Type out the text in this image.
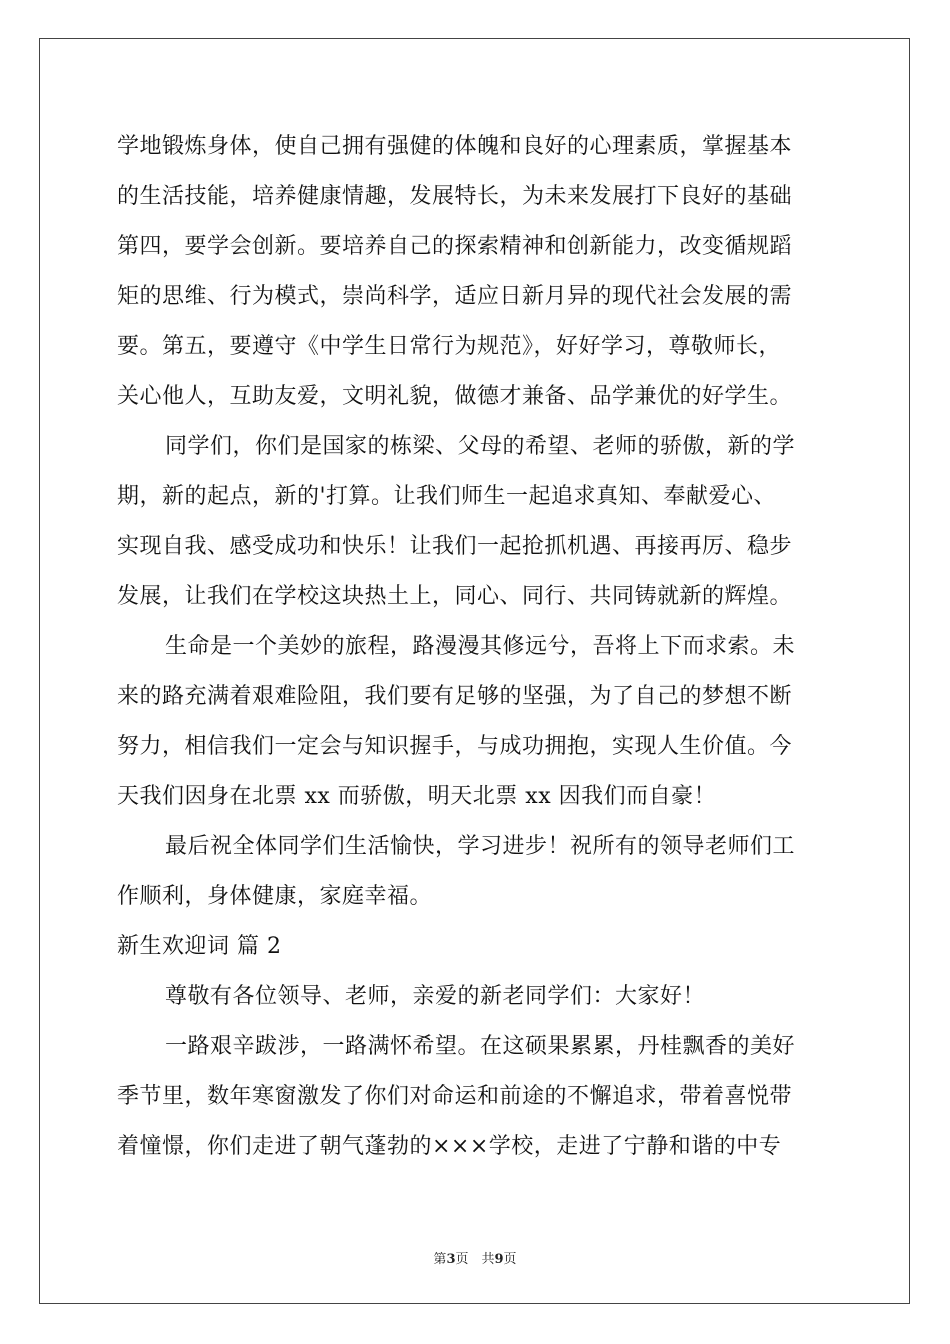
学地锻炼身体，使自己拥有强健的体魄和良好的心理素质，掌握基本
的生活技能，培养健康情趣，发展特长，为未来发展打下良好的基础
第四，要学会创新。要培养自己的探索精神和创新能力，改变循规蹈
矩的思维、行为模式，崇尚科学，适应日新月异的现代社会发展的需
要。第五，要遵守《中学生日常行为规范》，好好学习，尊敬师长，
关心他人，互助友爱，文明礼貌，做德才兼备、品学兼优的好学生。
同学们，你们是国家的栋梁、父母的希望、老师的骄傲，新的学
期，新的起点，新的'打算。让我们师生一起追求真知、奉献爱心、
实现自我、感受成功和快乐！让我们一起抢抓机遇、再接再厉、稳步
发展，让我们在学校这块热土上，同心、同行、共同铸就新的辉煌。
生命是一个美妙的旅程，路漫漫其修远兮，吾将上下而求索。未
来的路充满着艰难险阻，我们要有足够的坚强，为了自己的梦想不断
努力，相信我们一定会与知识握手，与成功拥抱，实现人生价值。今
天我们因身在北票 xx 而骄傲，明天北票 xx 因我们而自豪！
最后祝全体同学们生活愉快，学习进步！祝所有的领导老师们工
作顺利，身体健康，家庭幸福。
新生欢迎词 篇 2
尊敬有各位领导、老师，亲爱的新老同学们：大家好！
一路艰辛跋涉，一路满怀希望。在这硕果累累，丹桂飘香的美好
季节里，数年寒窗激发了你们对命运和前途的不懈追求，带着喜悦带
着憧憬，你们走进了朝气蓬勃的×××学校，走进了宁静和谐的中专
第3页　共9页
